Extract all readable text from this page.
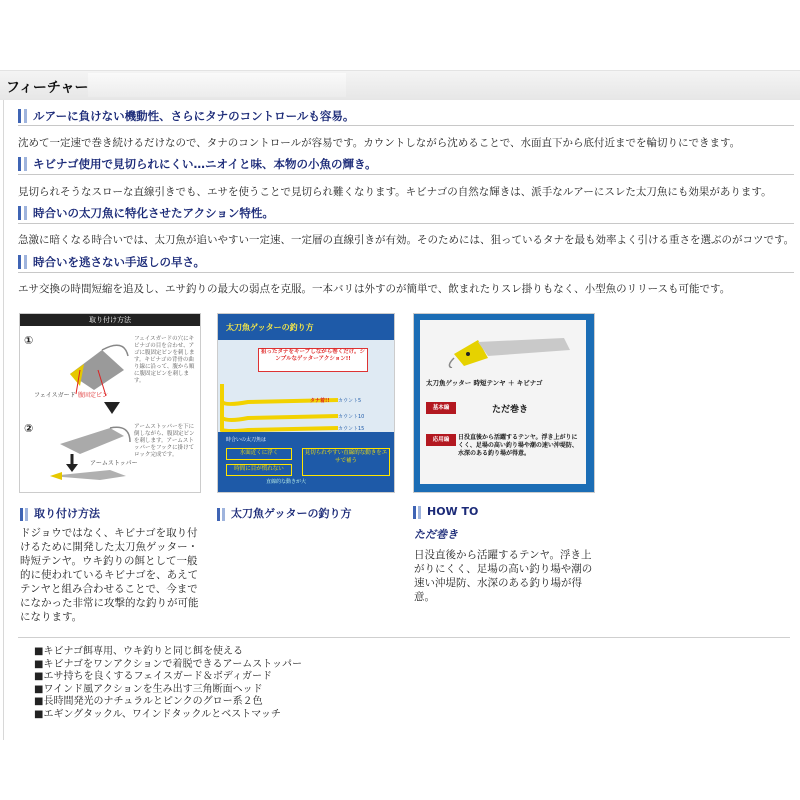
フィーチャー
ルアーに負けない機動性、さらにタナのコントロールも容易。
沈めて一定速で巻き続けるだけなので、タナのコントロールが容易です。カウントしながら沈めることで、水面直下から底付近までを輪切りにできます。
キビナゴ使用で見切られにくい…ニオイと味、本物の小魚の輝き。
見切られそうなスローな直線引きでも、エサを使うことで見切られ難くなります。キビナゴの自然な輝きは、派手なルアーにスレた太刀魚にも効果があります。
時合いの太刀魚に特化させたアクション特性。
急激に暗くなる時合いでは、太刀魚が追いやすい一定速、一定層の直線引きが有効。そのためには、狙っているタナを最も効率よく引ける重さを選ぶのがコツです。
時合いを逃さない手返しの早さ。
エサ交換の時間短縮を追及し、エサ釣りの最大の弱点を克服。一本バリは外すのが簡単で、飲まれたりスレ掛りもなく、小型魚のリリースも可能です。
取り付け方法
①	フェイスガードの穴にキビナゴの目を合わせ、アゴに腹固定ピンを刺します。キビナゴの背骨の曲り線に沿って、腹から順に腹固定ピンを刺します。
フェイスガード 腹固定ピン
②	アームストッパーを下に倒しながら、腹固定ピンを刺します。アームストッパーをフックに掛けてロック完成です。
アームストッパー
太刀魚ゲッターの釣り方
狙ったタナをキープしながら巻くだけ。シンプルなゲッターアクション!!
カウント5
カウント10
カウント15
タナ着!!
時合いの太刀魚は
水面近くに浮く
時間に目が慣れない
見切られやすい直線的な動きをエサで補う
直線的な動きが大
太刀魚ゲッター 時短テンヤ ＋ キビナゴ
基本編	ただ巻き
応用編	日没直後から活躍するテンヤ。浮き上がりにくく、足場の高い釣り場や潮の速い沖堤防、水深のある釣り場が得意。
取り付け方法
ドジョウではなく、キビナゴを取り付けるために開発した太刀魚ゲッター・時短テンヤ。ウキ釣りの餌として一般的に使われているキビナゴを、あえてテンヤと組み合わせることで、今までになかった非常に攻撃的な釣りが可能になります。
太刀魚ゲッターの釣り方	HOW TO
ただ巻き
日没直後から活躍するテンヤ。浮き上がりにくく、足場の高い釣り場や潮の速い沖堤防、水深のある釣り場が得意。
■キビナゴ餌専用、ウキ釣りと同じ餌を使える
■キビナゴをワンアクションで着脱できるアームストッパー
■エサ持ちを良くするフェイスガード＆ボディガード
■ワインド風アクションを生み出す三角断面ヘッド
■長時間発光のナチュラルとピンクのグロー系２色
■エギングタックル、ワインドタックルとベストマッチ
